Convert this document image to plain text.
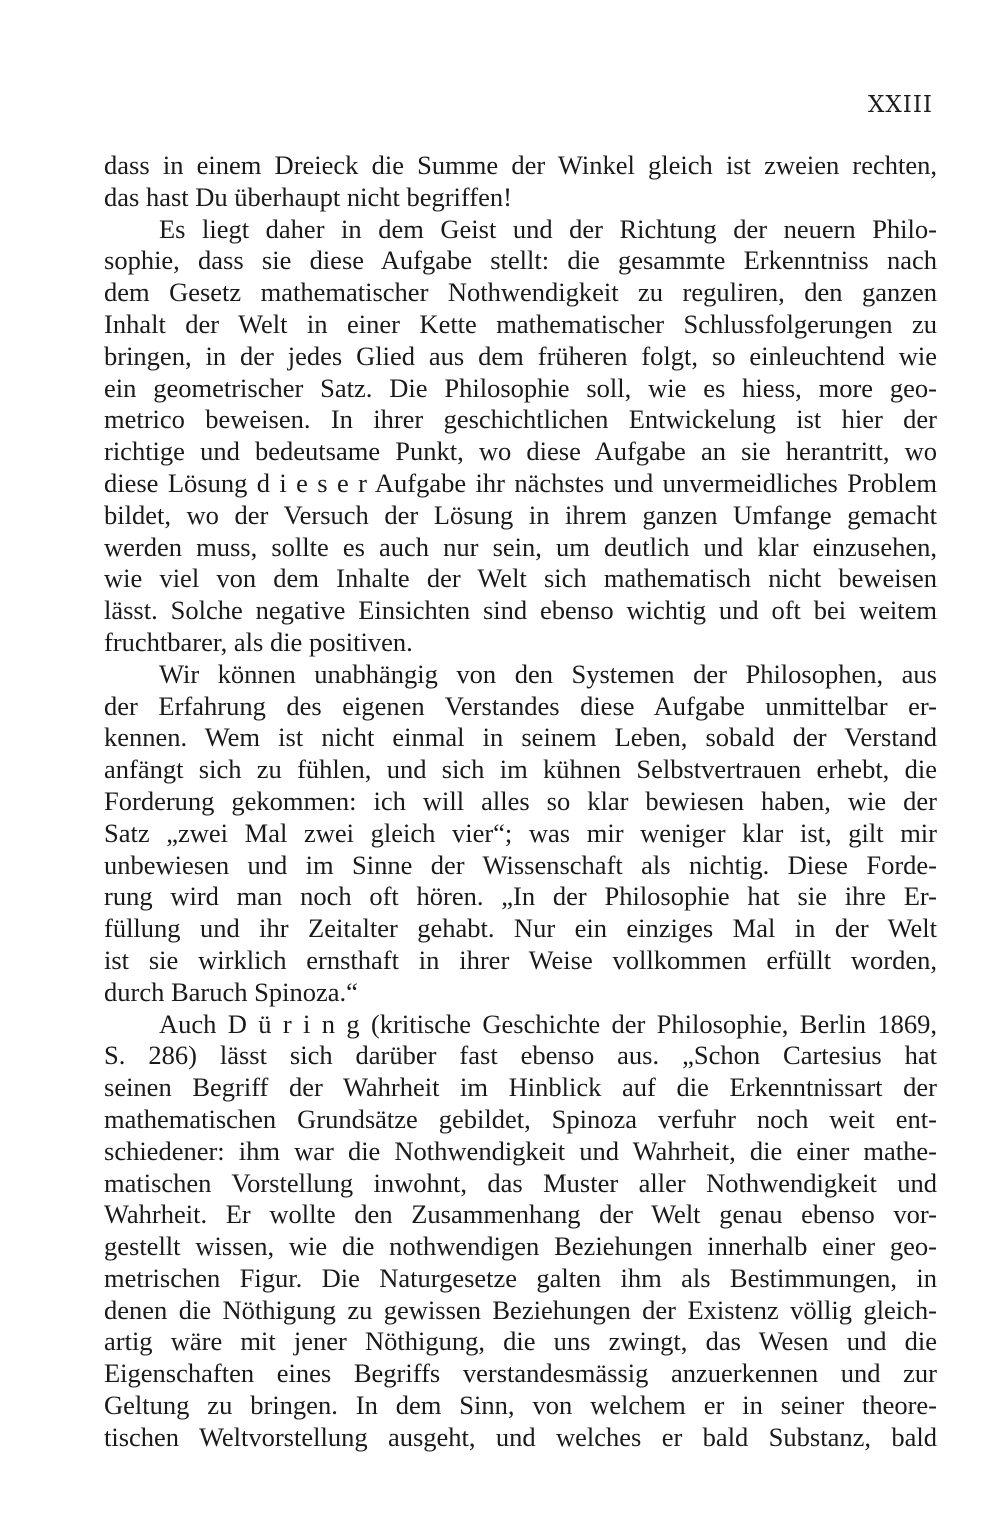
XXIII
dass in einem Dreieck die Summe der Winkel gleich ist zweien rechten,
das hast Du überhaupt nicht begriffen!
Es liegt daher in dem Geist und der Richtung der neuern Philo-
sophie, dass sie diese Aufgabe stellt: die gesammte Erkenntniss nach
dem Gesetz mathematischer Nothwendigkeit zu reguliren, den ganzen
Inhalt der Welt in einer Kette mathematischer Schlussfolgerungen zu
bringen, in der jedes Glied aus dem früheren folgt, so einleuchtend wie
ein geometrischer Satz. Die Philosophie soll, wie es hiess, more geo-
metrico beweisen. In ihrer geschichtlichen Entwickelung ist hier der
richtige und bedeutsame Punkt, wo diese Aufgabe an sie herantritt, wo
diese Lösung d i e s e r Aufgabe ihr nächstes und unvermeidliches Problem
bildet, wo der Versuch der Lösung in ihrem ganzen Umfange gemacht
werden muss, sollte es auch nur sein, um deutlich und klar einzusehen,
wie viel von dem Inhalte der Welt sich mathematisch nicht beweisen
lässt. Solche negative Einsichten sind ebenso wichtig und oft bei weitem
fruchtbarer, als die positiven.
Wir können unabhängig von den Systemen der Philosophen, aus
der Erfahrung des eigenen Verstandes diese Aufgabe unmittelbar er-
kennen. Wem ist nicht einmal in seinem Leben, sobald der Verstand
anfängt sich zu fühlen, und sich im kühnen Selbstvertrauen erhebt, die
Forderung gekommen: ich will alles so klar bewiesen haben, wie der
Satz „zwei Mal zwei gleich vier“; was mir weniger klar ist, gilt mir
unbewiesen und im Sinne der Wissenschaft als nichtig. Diese Forde-
rung wird man noch oft hören. „In der Philosophie hat sie ihre Er-
füllung und ihr Zeitalter gehabt. Nur ein einziges Mal in der Welt
ist sie wirklich ernsthaft in ihrer Weise vollkommen erfüllt worden,
durch Baruch Spinoza.“
Auch D ü r i n g (kritische Geschichte der Philosophie, Berlin 1869,
S. 286) lässt sich darüber fast ebenso aus. „Schon Cartesius hat
seinen Begriff der Wahrheit im Hinblick auf die Erkenntnissart der
mathematischen Grundsätze gebildet, Spinoza verfuhr noch weit ent-
schiedener: ihm war die Nothwendigkeit und Wahrheit, die einer mathe-
matischen Vorstellung inwohnt, das Muster aller Nothwendigkeit und
Wahrheit. Er wollte den Zusammenhang der Welt genau ebenso vor-
gestellt wissen, wie die nothwendigen Beziehungen innerhalb einer geo-
metrischen Figur. Die Naturgesetze galten ihm als Bestimmungen, in
denen die Nöthigung zu gewissen Beziehungen der Existenz völlig gleich-
artig wäre mit jener Nöthigung, die uns zwingt, das Wesen und die
Eigenschaften eines Begriffs verstandesmässig anzuerkennen und zur
Geltung zu bringen. In dem Sinn, von welchem er in seiner theore-
tischen Weltvorstellung ausgeht, und welches er bald Substanz, bald
